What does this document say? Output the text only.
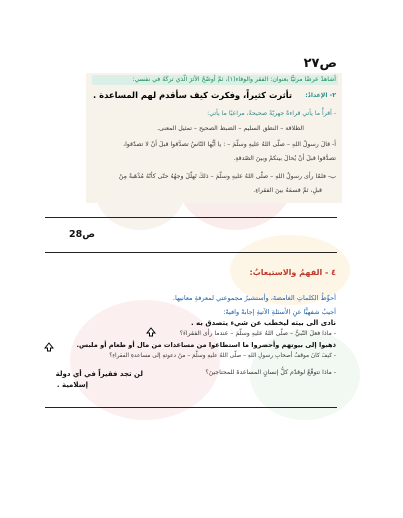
ص٢٧
أشاهدُ عرضًا مرئيًّا بعنوان: الفقر والوفاء(١)، ثمَّ أوضّحُ الأثرَ الّذي تركَهُ في نفسي:
٢- الإعدادُ:
تأثرت كثيراً، وفكرت كيف سأقدم لهم المساعدة .
- أقرأُ ما يأتي قراءةً جهريّةً صحيحةً، مراعيًا ما يأتي:
الطلاقة – النطق السليم – الضبط الصحيح – تمثيل المعنى.
أ- قالَ رسولُ اللهِ – صلّى اللهُ عليهِ وسلّمَ – : يا أيُّها النّاسُ تصدَّقوا قبلَ أنْ لا تصدّقوا،
تصدَّقوا قبلَ أنْ يُحالَ بينكمْ وبينَ الصّدقةِ.
ب- فلمّا رأى رسولُ اللهِ – صلّى اللهُ عليهِ وسلّمَ – ذلكَ تَهلّلَ وجهُهُ حتّى كأنّهُ مُذْهَبةٌ مِنْ
قبلِ، ثمَّ قسمَهُ بينَ الفقراءِ.
ص28
٤ - الفهمُ والاستيعابُ:
أحوِّطُ الكلماتِ الغامضةَ، وأستشيرُ مجموعتي لمعرفةِ معانيها.
أجيبُ شفهيًّا عنِ الأسئلةِ الآتيةِ إجابةً وافيةً:
نادى الى بيته ليخطب عن شيء يتصدق به .
- ماذا فعلَ النّبيُّ – صلّى اللهُ عليهِ وسلّمَ – عندما رأى الفقراءَ؟
ذهبوا إلى بيوتهم وأحضروا ما استطاعوا من مساعدات من مال أو طعام أو ملبس.
- كيفَ كانَ موقفُ أصحابِ رسولِ اللهِ – صلّى اللهُ عليهِ وسلّمَ – منْ دعوتهِ إلى مساعدةِ الفقراءِ؟
- ماذا تتوقّعُ لوقدّم كلُّ إنسانٍ المساعدةَ للمحتاجينَ؟
لن تجد فقيراً في أي دولة
إسلامية .
